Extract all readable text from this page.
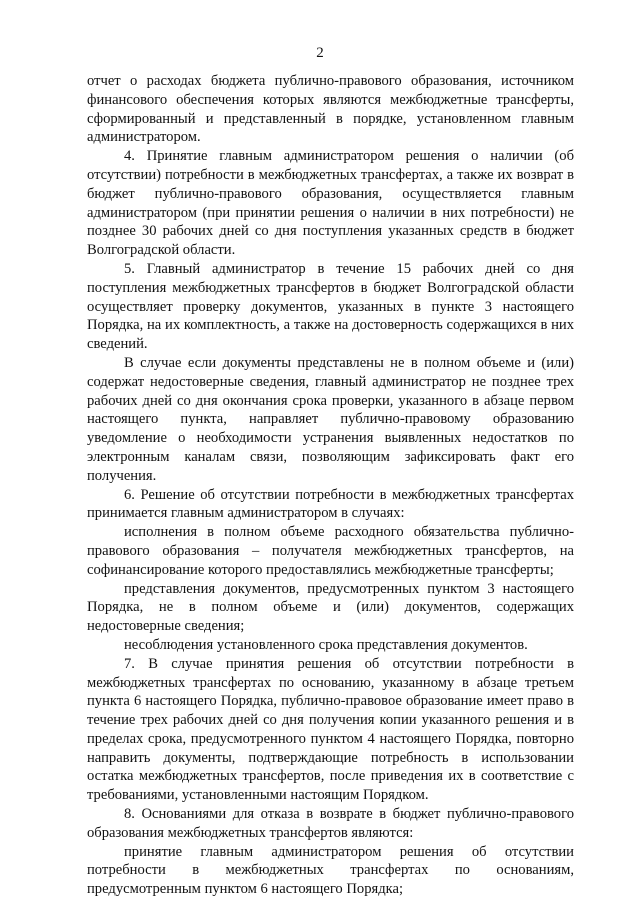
2

отчет о расходах бюджета публично-правового образования, источником финансового обеспечения которых являются межбюджетные трансферты, сформированный и представленный в порядке, установленном главным администратором.

4. Принятие главным администратором решения о наличии (об отсутствии) потребности в межбюджетных трансфертах, а также их возврат в бюджет публично-правового образования, осуществляется главным администратором (при принятии решения о наличии в них потребности) не позднее 30 рабочих дней со дня поступления указанных средств в бюджет Волгоградской области.

5. Главный администратор в течение 15 рабочих дней со дня поступления межбюджетных трансфертов в бюджет Волгоградской области осуществляет проверку документов, указанных в пункте 3 настоящего Порядка, на их комплектность, а также на достоверность содержащихся в них сведений.

В случае если документы представлены не в полном объеме и (или) содержат недостоверные сведения, главный администратор не позднее трех рабочих дней со дня окончания срока проверки, указанного в абзаце первом настоящего пункта, направляет публично-правовому образованию уведомление о необходимости устранения выявленных недостатков по электронным каналам связи, позволяющим зафиксировать факт его получения.

6. Решение об отсутствии потребности в межбюджетных трансфертах принимается главным администратором в случаях:

исполнения в полном объеме расходного обязательства публично-правового образования – получателя межбюджетных трансфертов, на софинансирование которого предоставлялись межбюджетные трансферты;

представления документов, предусмотренных пунктом 3 настоящего Порядка, не в полном объеме и (или) документов, содержащих недостоверные сведения;

несоблюдения установленного срока представления документов.

7. В случае принятия решения об отсутствии потребности в межбюджетных трансфертах по основанию, указанному в абзаце третьем пункта 6 настоящего Порядка, публично-правовое образование имеет право в течение трех рабочих дней со дня получения копии указанного решения и в пределах срока, предусмотренного пунктом 4 настоящего Порядка, повторно направить документы, подтверждающие потребность в использовании остатка межбюджетных трансфертов, после приведения их в соответствие с требованиями, установленными настоящим Порядком.

8. Основаниями для отказа в возврате в бюджет публично-правового образования межбюджетных трансфертов являются:

принятие главным администратором решения об отсутствии потребности в межбюджетных трансфертах по основаниям, предусмотренным пунктом 6 настоящего Порядка;
